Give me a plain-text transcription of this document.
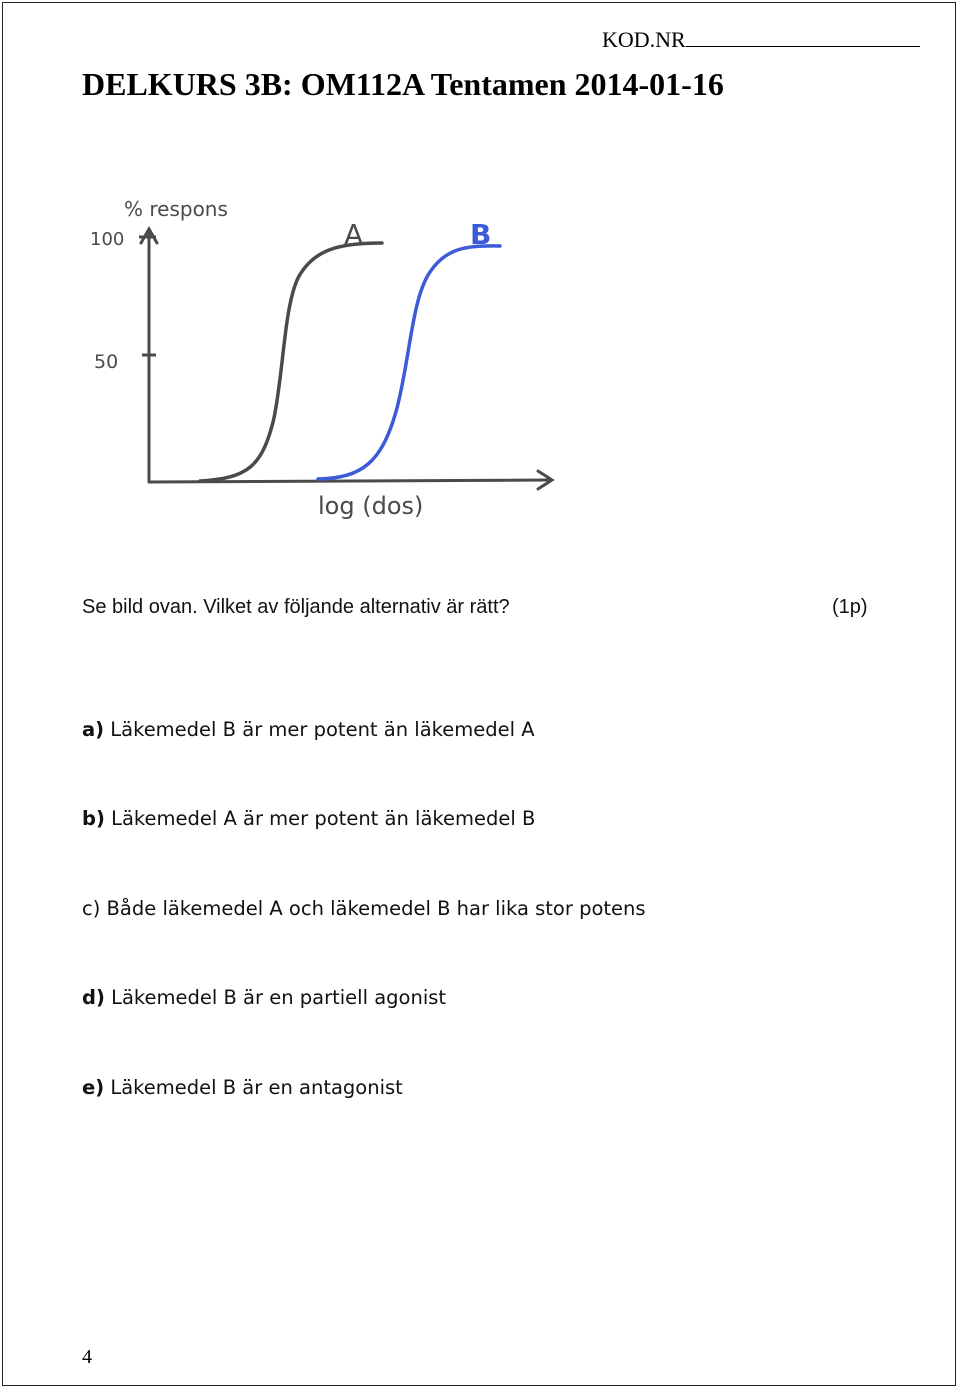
KOD.NR
DELKURS 3B: OM112A Tentamen 2014-01-16
% respons
100
50
log (dos)
A	B
Se bild ovan. Vilket av följande alternativ är rätt?	(1p)
a) Läkemedel B är mer potent än läkemedel A
b) Läkemedel A är mer potent än läkemedel B
c) Både läkemedel A och läkemedel B har lika stor potens
d) Läkemedel B är en partiell agonist
e) Läkemedel B är en antagonist
4
